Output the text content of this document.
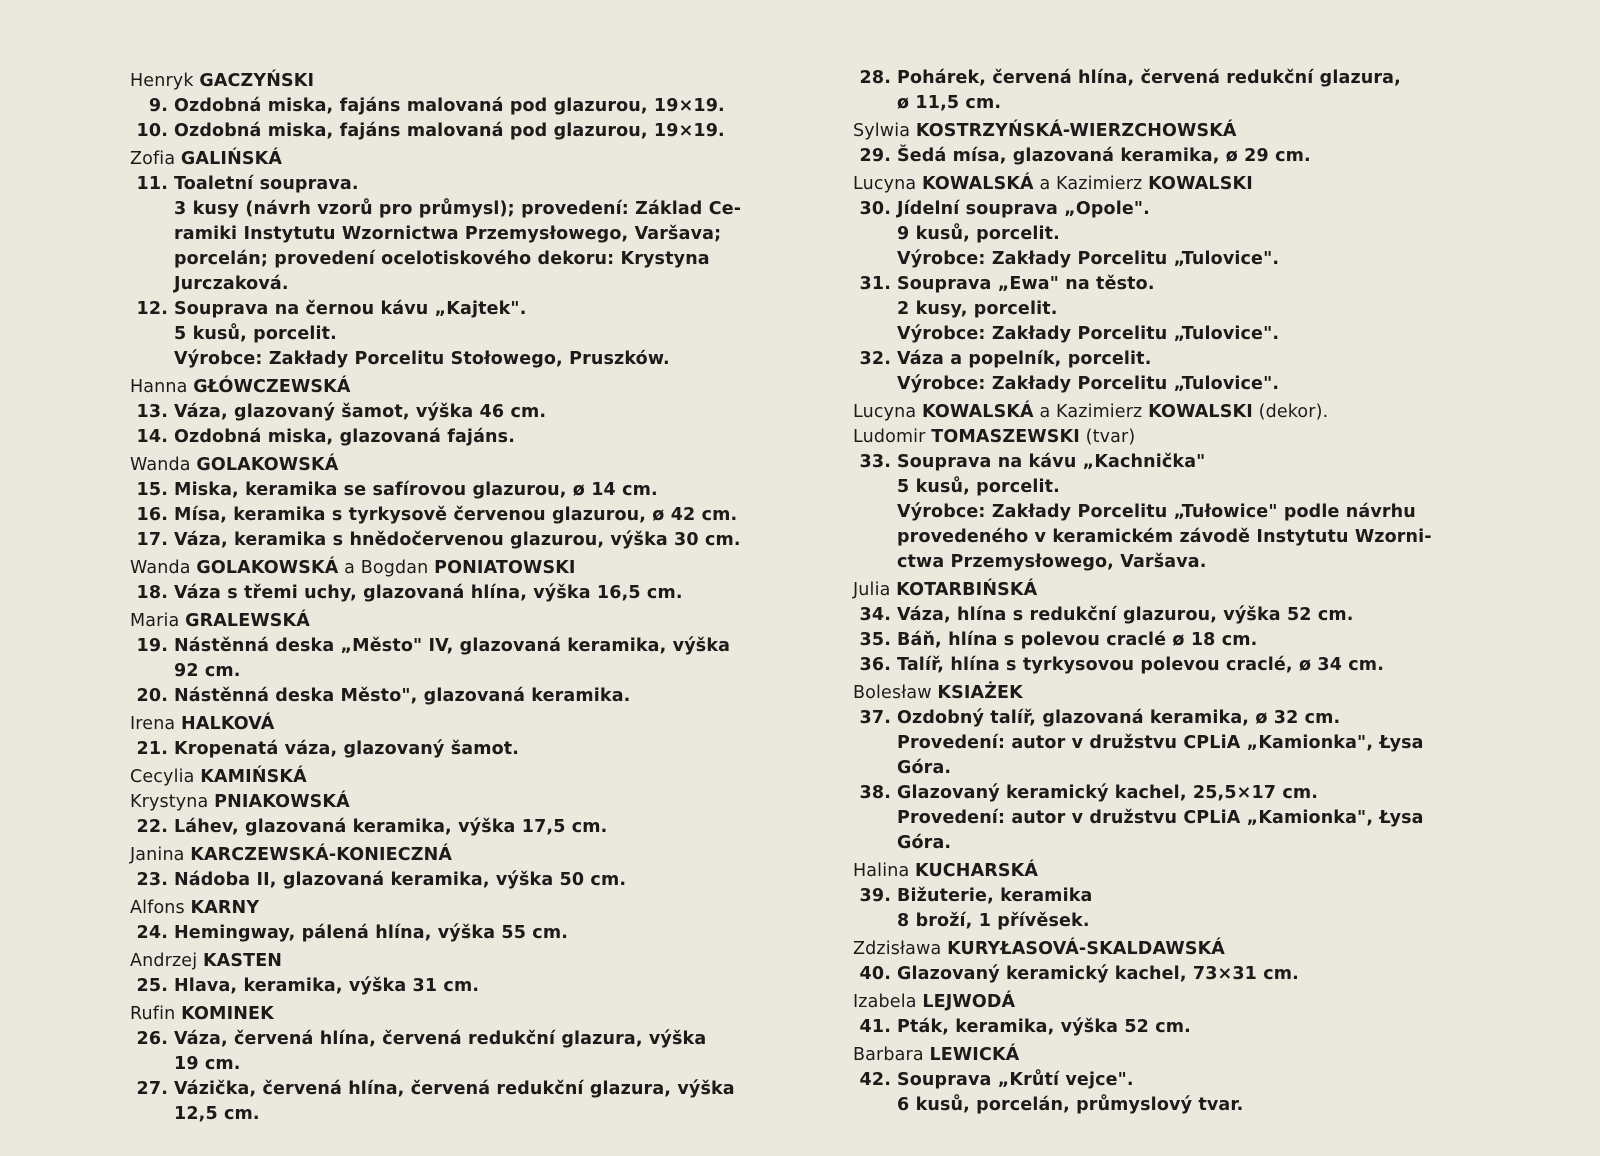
Henryk GACZYŃSKI
9. Ozdobná miska, fajáns malovaná pod glazurou, 19×19.
10. Ozdobná miska, fajáns malovaná pod glazurou, 19×19.
Zofia GALIŃSKÁ
11. Toaletní souprava.
3 kusy (návrh vzorů pro průmysl); provedení: Základ Ce-
ramiki Instytutu Wzornictwa Przemysłowego, Varšava;
porcelán; provedení ocelotiskového dekoru: Krystyna
Jurczaková.
12. Souprava na černou kávu „Kajtek".
5 kusů, porcelit.
Výrobce: Zakłady Porcelitu Stołowego, Pruszków.
Hanna GŁÓWCZEWSKÁ
13. Váza, glazovaný šamot, výška 46 cm.
14. Ozdobná miska, glazovaná fajáns.
Wanda GOLAKOWSKÁ
15. Miska, keramika se safírovou glazurou, ø 14 cm.
16. Mísa, keramika s tyrkysově červenou glazurou, ø 42 cm.
17. Váza, keramika s hnědočervenou glazurou, výška 30 cm.
Wanda GOLAKOWSKÁ a Bogdan PONIATOWSKI
18. Váza s třemi uchy, glazovaná hlína, výška 16,5 cm.
Maria GRALEWSKÁ
19. Nástěnná deska „Město" IV, glazovaná keramika, výška
92 cm.
20. Nástěnná deska Město", glazovaná keramika.
Irena HALKOVÁ
21. Kropenatá váza, glazovaný šamot.
Cecylia KAMIŃSKÁ
Krystyna PNIAKOWSKÁ
22. Láhev, glazovaná keramika, výška 17,5 cm.
Janina KARCZEWSKÁ-KONIECZNÁ
23. Nádoba II, glazovaná keramika, výška 50 cm.
Alfons KARNY
24. Hemingway, pálená hlína, výška 55 cm.
Andrzej KASTEN
25. Hlava, keramika, výška 31 cm.
Rufin KOMINEK
26. Váza, červená hlína, červená redukční glazura, výška
19 cm.
27. Vázička, červená hlína, červená redukční glazura, výška
12,5 cm.
28. Pohárek, červená hlína, červená redukční glazura,
ø 11,5 cm.
Sylwia KOSTRZYŃSKÁ-WIERZCHOWSKÁ
29. Šedá mísa, glazovaná keramika, ø 29 cm.
Lucyna KOWALSKÁ a Kazimierz KOWALSKI
30. Jídelní souprava „Opole".
9 kusů, porcelit.
Výrobce: Zakłady Porcelitu „Tulovice".
31. Souprava „Ewa" na těsto.
2 kusy, porcelit.
Výrobce: Zakłady Porcelitu „Tulovice".
32. Váza a popelník, porcelit.
Výrobce: Zakłady Porcelitu „Tulovice".
Lucyna KOWALSKÁ a Kazimierz KOWALSKI (dekor).
Ludomir TOMASZEWSKI (tvar)
33. Souprava na kávu „Kachnička"
5 kusů, porcelit.
Výrobce: Zakłady Porcelitu „Tułowice" podle návrhu
provedeného v keramickém závodě Instytutu Wzorni-
ctwa Przemysłowego, Varšava.
Julia KOTARBIŃSKÁ
34. Váza, hlína s redukční glazurou, výška 52 cm.
35. Báň, hlína s polevou craclé ø 18 cm.
36. Talíř, hlína s tyrkysovou polevou craclé, ø 34 cm.
Bolesław KSIAŻEK
37. Ozdobný talíř, glazovaná keramika, ø 32 cm.
Provedení: autor v družstvu CPLiA „Kamionka", Łysa
Góra.
38. Glazovaný keramický kachel, 25,5×17 cm.
Provedení: autor v družstvu CPLiA „Kamionka", Łysa
Góra.
Halina KUCHARSKÁ
39. Bižuterie, keramika
8 broží, 1 přívěsek.
Zdzisława KURYŁASOVÁ-SKALDAWSKÁ
40. Glazovaný keramický kachel, 73×31 cm.
Izabela LEJWODÁ
41. Pták, keramika, výška 52 cm.
Barbara LEWICKÁ
42. Souprava „Krůtí vejce".
6 kusů, porcelán, průmyslový tvar.
